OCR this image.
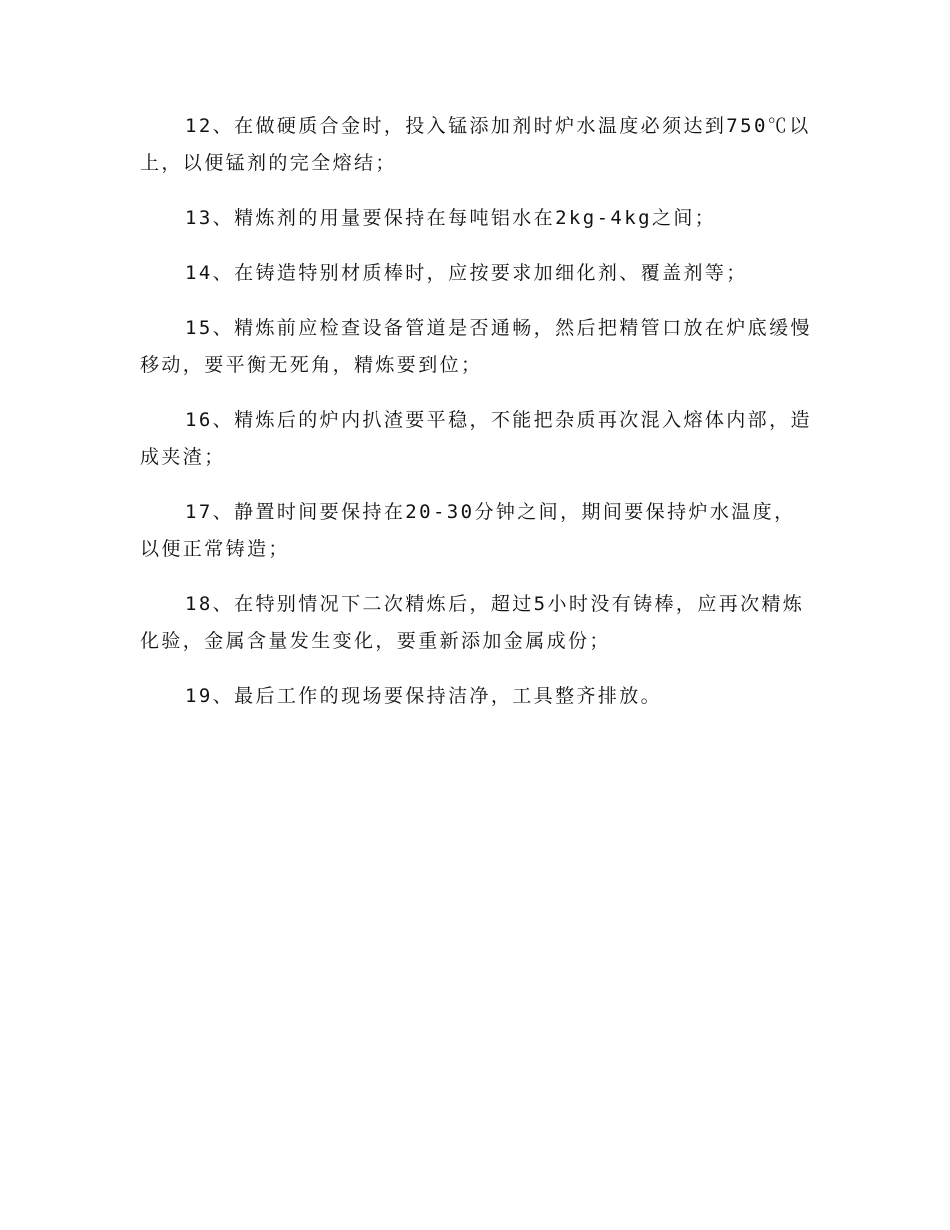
12、在做硬质合金时，投入锰添加剂时炉水温度必须达到750℃以上，以便锰剂的完全熔结；

13、精炼剂的用量要保持在每吨铝水在2kg-4kg之间；

14、在铸造特别材质棒时，应按要求加细化剂、覆盖剂等；

15、精炼前应检查设备管道是否通畅，然后把精管口放在炉底缓慢移动，要平衡无死角，精炼要到位；

16、精炼后的炉内扒渣要平稳，不能把杂质再次混入熔体内部，造成夹渣；

17、静置时间要保持在20-30分钟之间，期间要保持炉水温度，以便正常铸造；

18、在特别情况下二次精炼后，超过5小时没有铸棒，应再次精炼化验，金属含量发生变化，要重新添加金属成份；

19、最后工作的现场要保持洁净，工具整齐排放。
